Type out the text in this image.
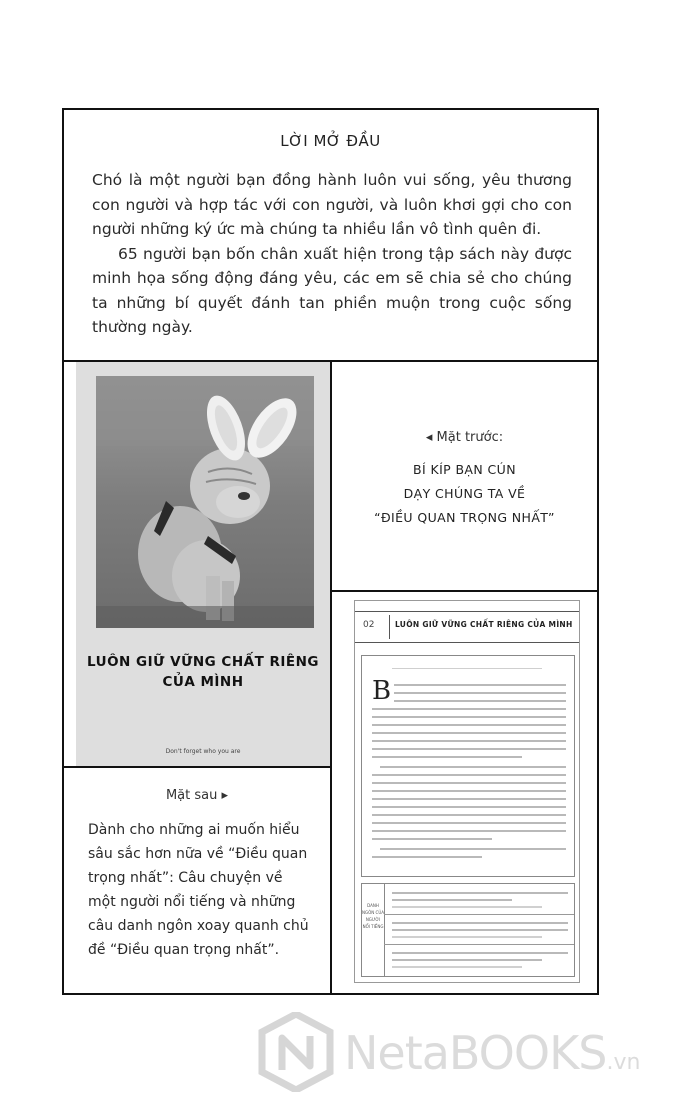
LỜI MỞ ĐẦU

Chó là một người bạn đồng hành luôn vui sống, yêu thương con người và hợp tác với con người, và luôn khơi gợi cho con người những ký ức mà chúng ta nhiều lần vô tình quên đi.

65 người bạn bốn chân xuất hiện trong tập sách này được minh họa sống động đáng yêu, các em sẽ chia sẻ cho chúng ta những bí quyết đánh tan phiền muộn trong cuộc sống thường ngày.

LUÔN GIỮ VỮNG CHẤT RIÊNG
CỦA MÌNH
Don't forget who you are
◂ Mặt trước:
BÍ KÍP BẠN CÚN
DẠY CHÚNG TA VỀ
“ĐIỀU QUAN TRỌNG NHẤT”
Mặt sau ▸
Dành cho những ai muốn hiểu sâu sắc hơn nữa về “Điều quan trọng nhất”: Câu chuyện về một người nổi tiếng và những câu danh ngôn xoay quanh chủ đề “Điều quan trọng nhất”.
02	LUÔN GIỮ VỮNG CHẤT RIÊNG CỦA MÌNH
B
DANH NGÔN CỦA NGƯỜI NỔI TIẾNG
NetaBOOKS.vn
